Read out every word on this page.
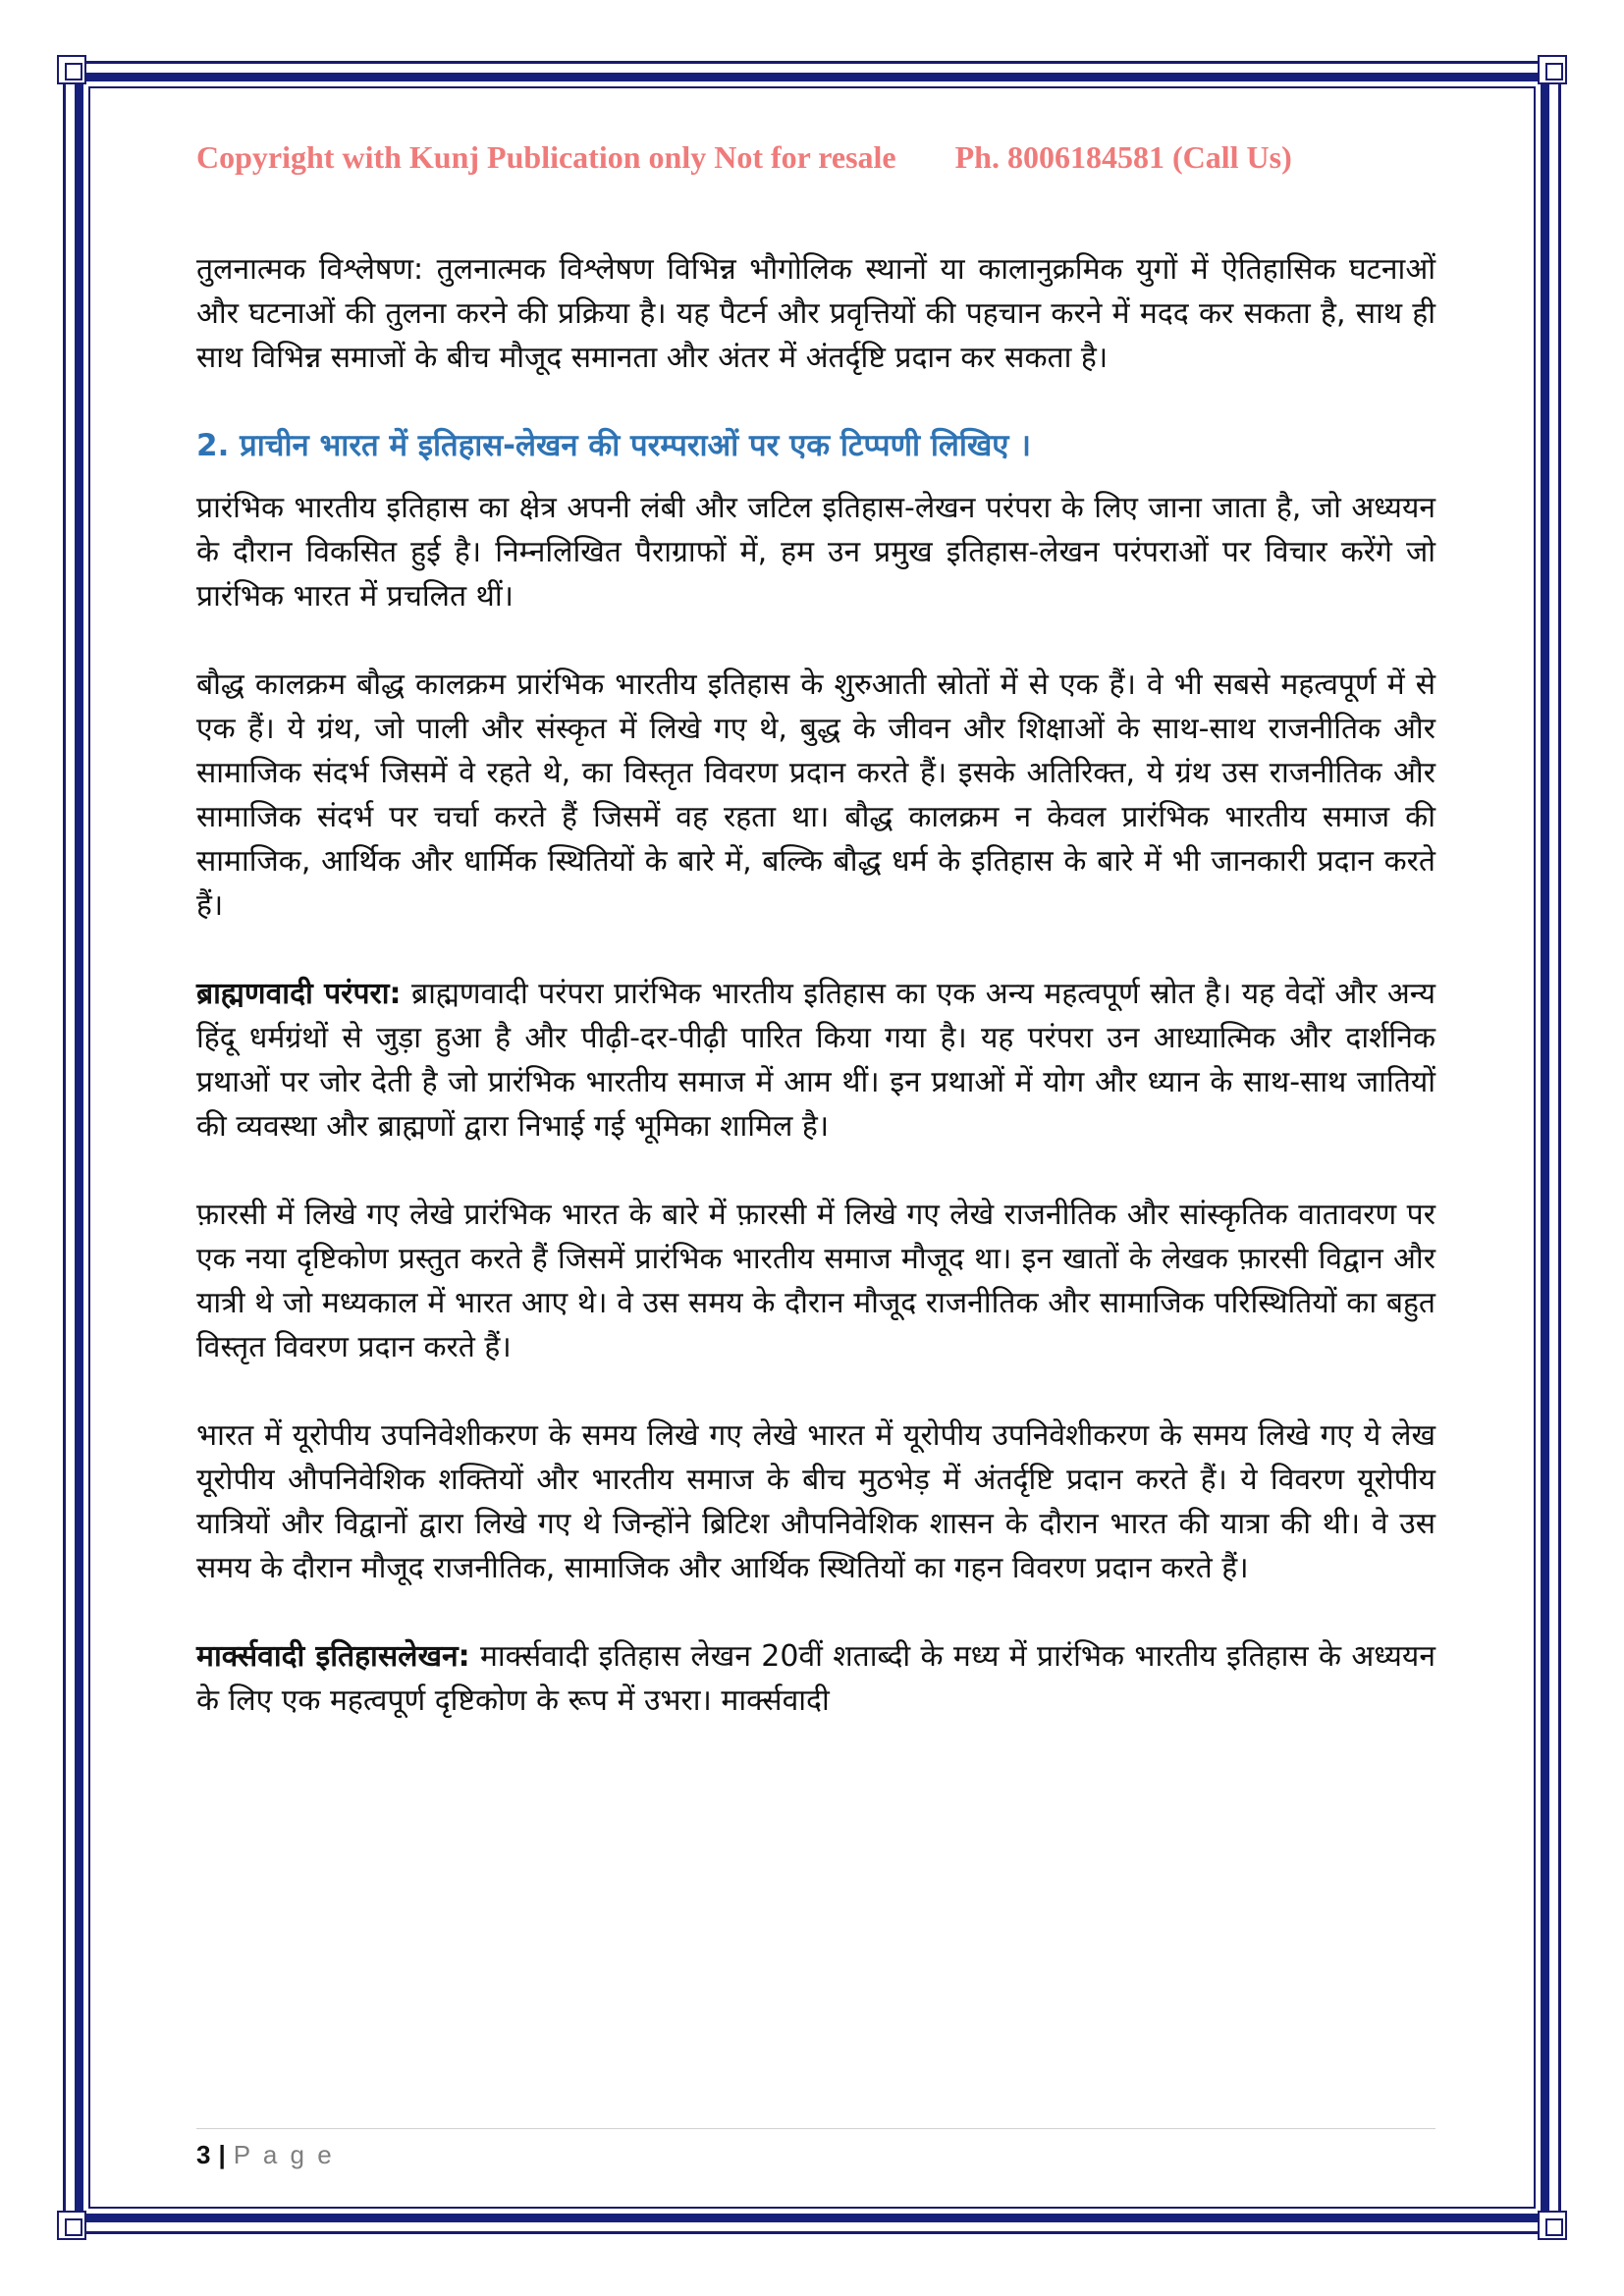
Copyright with Kunj Publication only Not for resale Ph. 8006184581 (Call Us)

तुलनात्मक विश्लेषण: तुलनात्मक विश्लेषण विभिन्न भौगोलिक स्थानों या कालानुक्रमिक युगों में ऐतिहासिक घटनाओं और घटनाओं की तुलना करने की प्रक्रिया है। यह पैटर्न और प्रवृत्तियों की पहचान करने में मदद कर सकता है, साथ ही साथ विभिन्न समाजों के बीच मौजूद समानता और अंतर में अंतर्दृष्टि प्रदान कर सकता है।

2. प्राचीन भारत में इतिहास-लेखन की परम्पराओं पर एक टिप्पणी लिखिए ।

प्रारंभिक भारतीय इतिहास का क्षेत्र अपनी लंबी और जटिल इतिहास-लेखन परंपरा के लिए जाना जाता है, जो अध्ययन के दौरान विकसित हुई है। निम्नलिखित पैराग्राफों में, हम उन प्रमुख इतिहास-लेखन परंपराओं पर विचार करेंगे जो प्रारंभिक भारत में प्रचलित थीं।

बौद्ध कालक्रम बौद्ध कालक्रम प्रारंभिक भारतीय इतिहास के शुरुआती स्रोतों में से एक हैं। वे भी सबसे महत्वपूर्ण में से एक हैं। ये ग्रंथ, जो पाली और संस्कृत में लिखे गए थे, बुद्ध के जीवन और शिक्षाओं के साथ-साथ राजनीतिक और सामाजिक संदर्भ जिसमें वे रहते थे, का विस्तृत विवरण प्रदान करते हैं। इसके अतिरिक्त, ये ग्रंथ उस राजनीतिक और सामाजिक संदर्भ पर चर्चा करते हैं जिसमें वह रहता था। बौद्ध कालक्रम न केवल प्रारंभिक भारतीय समाज की सामाजिक, आर्थिक और धार्मिक स्थितियों के बारे में, बल्कि बौद्ध धर्म के इतिहास के बारे में भी जानकारी प्रदान करते हैं।

ब्राह्मणवादी परंपरा: ब्राह्मणवादी परंपरा प्रारंभिक भारतीय इतिहास का एक अन्य महत्वपूर्ण स्रोत है। यह वेदों और अन्य हिंदू धर्मग्रंथों से जुड़ा हुआ है और पीढ़ी-दर-पीढ़ी पारित किया गया है। यह परंपरा उन आध्यात्मिक और दार्शनिक प्रथाओं पर जोर देती है जो प्रारंभिक भारतीय समाज में आम थीं। इन प्रथाओं में योग और ध्यान के साथ-साथ जातियों की व्यवस्था और ब्राह्मणों द्वारा निभाई गई भूमिका शामिल है।

फ़ारसी में लिखे गए लेखे प्रारंभिक भारत के बारे में फ़ारसी में लिखे गए लेखे राजनीतिक और सांस्कृतिक वातावरण पर एक नया दृष्टिकोण प्रस्तुत करते हैं जिसमें प्रारंभिक भारतीय समाज मौजूद था। इन खातों के लेखक फ़ारसी विद्वान और यात्री थे जो मध्यकाल में भारत आए थे। वे उस समय के दौरान मौजूद राजनीतिक और सामाजिक परिस्थितियों का बहुत विस्तृत विवरण प्रदान करते हैं।

भारत में यूरोपीय उपनिवेशीकरण के समय लिखे गए लेखे भारत में यूरोपीय उपनिवेशीकरण के समय लिखे गए ये लेख यूरोपीय औपनिवेशिक शक्तियों और भारतीय समाज के बीच मुठभेड़ में अंतर्दृष्टि प्रदान करते हैं। ये विवरण यूरोपीय यात्रियों और विद्वानों द्वारा लिखे गए थे जिन्होंने ब्रिटिश औपनिवेशिक शासन के दौरान भारत की यात्रा की थी। वे उस समय के दौरान मौजूद राजनीतिक, सामाजिक और आर्थिक स्थितियों का गहन विवरण प्रदान करते हैं।

मार्क्सवादी इतिहासलेखन: मार्क्सवादी इतिहास लेखन 20वीं शताब्दी के मध्य में प्रारंभिक भारतीय इतिहास के अध्ययन के लिए एक महत्वपूर्ण दृष्टिकोण के रूप में उभरा। मार्क्सवादी

3 | P a g e
